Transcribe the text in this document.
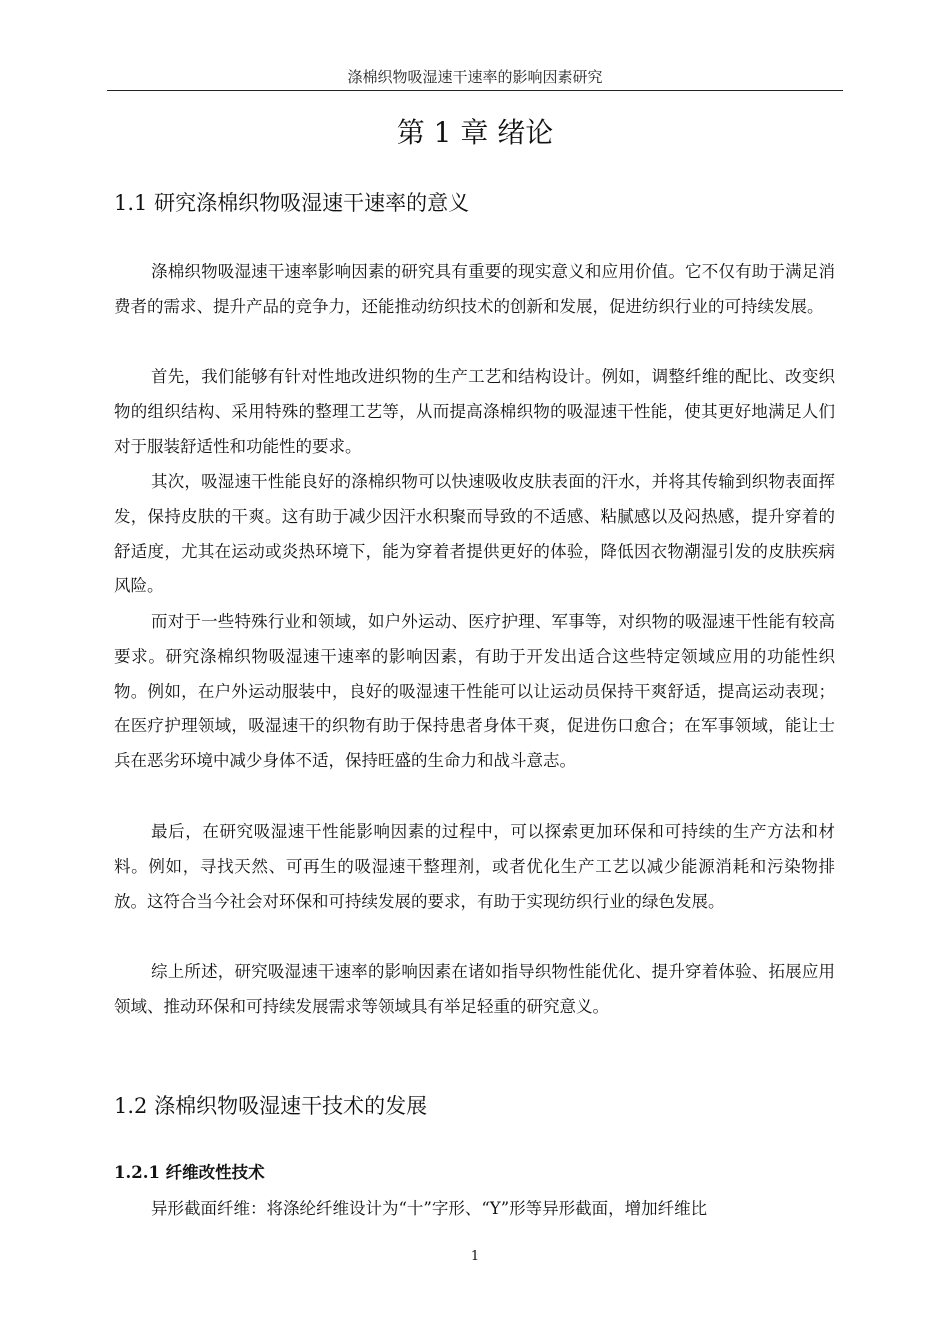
涤棉织物吸湿速干速率的影响因素研究
第 1 章 绪论
1.1 研究涤棉织物吸湿速干速率的意义

涤棉织物吸湿速干速率影响因素的研究具有重要的现实意义和应用价值。它不仅有助于满足消费者的需求、提升产品的竞争力，还能推动纺织技术的创新和发展，促进纺织行业的可持续发展。

首先，我们能够有针对性地改进织物的生产工艺和结构设计。例如，调整纤维的配比、改变织物的组织结构、采用特殊的整理工艺等，从而提高涤棉织物的吸湿速干性能，使其更好地满足人们对于服装舒适性和功能性的要求。

其次，吸湿速干性能良好的涤棉织物可以快速吸收皮肤表面的汗水，并将其传输到织物表面挥发，保持皮肤的干爽。这有助于减少因汗水积聚而导致的不适感、粘腻感以及闷热感，提升穿着的舒适度，尤其在运动或炎热环境下，能为穿着者提供更好的体验，降低因衣物潮湿引发的皮肤疾病风险。

而对于一些特殊行业和领域，如户外运动、医疗护理、军事等，对织物的吸湿速干性能有较高要求。研究涤棉织物吸湿速干速率的影响因素，有助于开发出适合这些特定领域应用的功能性织物。例如，在户外运动服装中，良好的吸湿速干性能可以让运动员保持干爽舒适，提高运动表现；在医疗护理领域，吸湿速干的织物有助于保持患者身体干爽，促进伤口愈合；在军事领域，能让士兵在恶劣环境中减少身体不适，保持旺盛的生命力和战斗意志。

最后，在研究吸湿速干性能影响因素的过程中，可以探索更加环保和可持续的生产方法和材料。例如，寻找天然、可再生的吸湿速干整理剂，或者优化生产工艺以减少能源消耗和污染物排放。这符合当今社会对环保和可持续发展的要求，有助于实现纺织行业的绿色发展。

综上所述，研究吸湿速干速率的影响因素在诸如指导织物性能优化、提升穿着体验、拓展应用领域、推动环保和可持续发展需求等领域具有举足轻重的研究意义。

1.2 涤棉织物吸湿速干技术的发展
1.2.1 纤维改性技术

异形截面纤维：将涤纶纤维设计为“十”字形、“Y”形等异形截面，增加纤维比

1
